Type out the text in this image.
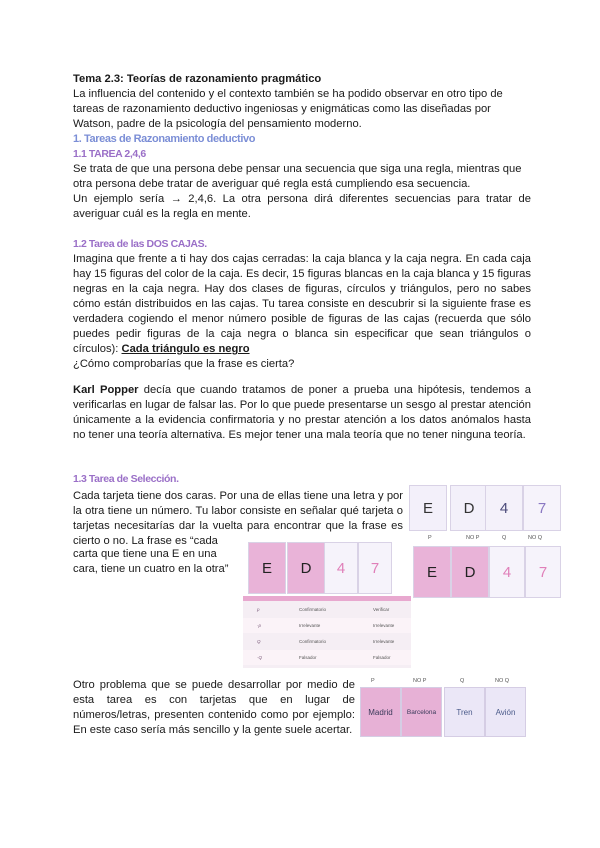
Tema 2.3: Teorías de razonamiento pragmático

La influencia del contenido y el contexto también se ha podido observar en otro tipo de tareas de razonamiento deductivo ingeniosas y enigmáticas como las diseñadas por Watson, padre de la psicología del pensamiento moderno.

1. Tareas de Razonamiento deductivo

1.1 TAREA 2,4,6

Se trata de que una persona debe pensar una secuencia que siga una regla, mientras que otra persona debe tratar de averiguar qué regla está cumpliendo esa secuencia.

Un ejemplo sería → 2,4,6. La otra persona dirá diferentes secuencias para tratar de averiguar cuál es la regla en mente.

1.2 Tarea de las DOS CAJAS.

Imagina que frente a ti hay dos cajas cerradas: la caja blanca y la caja negra. En cada caja hay 15 figuras del color de la caja. Es decir, 15 figuras blancas en la caja blanca y 15 figuras negras en la caja negra. Hay dos clases de figuras, círculos y triángulos, pero no sabes cómo están distribuidos en las cajas. Tu tarea consiste en descubrir si la siguiente frase es verdadera cogiendo el menor número posible de figuras de las cajas (recuerda que sólo puedes pedir figuras de la caja negra o blanca sin especificar que sean triángulos o círculos): Cada triángulo es negro

¿Cómo comprobarías que la frase es cierta?

Karl Popper decía que cuando tratamos de poner a prueba una hipótesis, tendemos a verificarlas en lugar de falsar las. Por lo que puede presentarse un sesgo al prestar atención únicamente a la evidencia confirmatoria y no prestar atención a los datos anómalos hasta no tener una teoría alternativa. Es mejor tener una mala teoría que no tener ninguna teoría.

1.3 Tarea de Selección.

Cada tarjeta tiene dos caras. Por una de ellas tiene una letra y por la otra tiene un número. Tu labor consiste en señalar qué tarjeta o tarjetas necesitarías dar la vuelta para encontrar que la frase es cierto o no. La frase es “cada

carta que tiene una E en una cara, tiene un cuatro en la otra”

E	D	4	7
P	NO P	Q	NO Q
E	D	4	7	E	D	4	7
p	Confirmatorio	Verificar
-p	Irrelevante	Irrelevante
Q	Confirmatorio	Irrelevante
-Q	Falsador	Falsador

Otro problema que se puede desarrollar por medio de esta tarea es con tarjetas que en lugar de números/letras, presenten contenido como por ejemplo: En este caso sería más sencillo y la gente suele acertar.

P	NO P	Q	NO Q
Madrid	Barcelona	Tren	Avión
